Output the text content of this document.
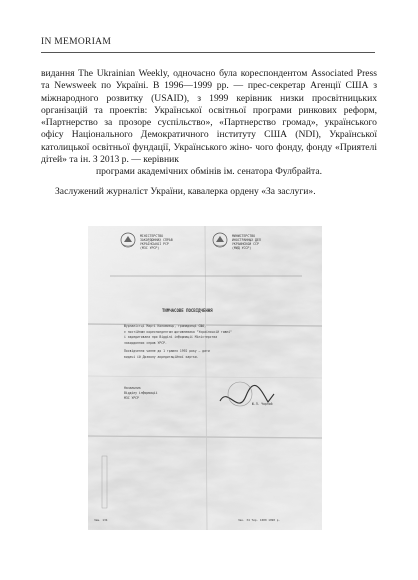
IN MEMORIAM

видання The Ukrainian Weekly, одночасно була кореспондентом Associated Press та Newsweek по Україні. В 1996—1999 рр. — прес-секретар Агенції США з міжнародного розвитку (USAID), з 1999 керівник низки просвітницьких організацій та проектів: Української освітньої програми ринкових реформ, «Партнерство за прозоре суспільство», «Партнерство громад», українського офісу Національного Демократичного інституту США (NDI), Української католицької освітньої фундації, Українського жіно- чого фонду, фонду «Приятелі дітей» та ін. З 2013 р. — керівник
програми академічних обмінів ім. сенатора Фулбрайта.

Заслужений журналіст України, кавалерка ордену «За заслуги».

МІНІСТЕРСТВО
ЗАКОРДОННИХ СПРАВ
УКРАЇНСЬКОЇ РСР
(МЗС УРСР)
МИНИСТЕРСТВО
ИНОСТРАННЫХ ДЕЛ
УКРАИНСКОЙ ССР
(МИД УССР)
ТИМЧАСОВЕ ПОСВІДЧЕННЯ
Журналістці Марті Коломиєць, громадянці США,
є постійним кореспондентом щотижневика "Українській тижні"
і акредитована при Відділі інформації Міністерства
закордонних справ УРСР.
Посвідчення чинне до 1 травня 1992 року — дати
видачі їй Дозволу акредитаційної картки.
Начальник
Відділу інформації
МЗС УРСР
Ю.Л. Чорний
Зам. 134	Зак. 34 Тир. 1000 1990 р.
